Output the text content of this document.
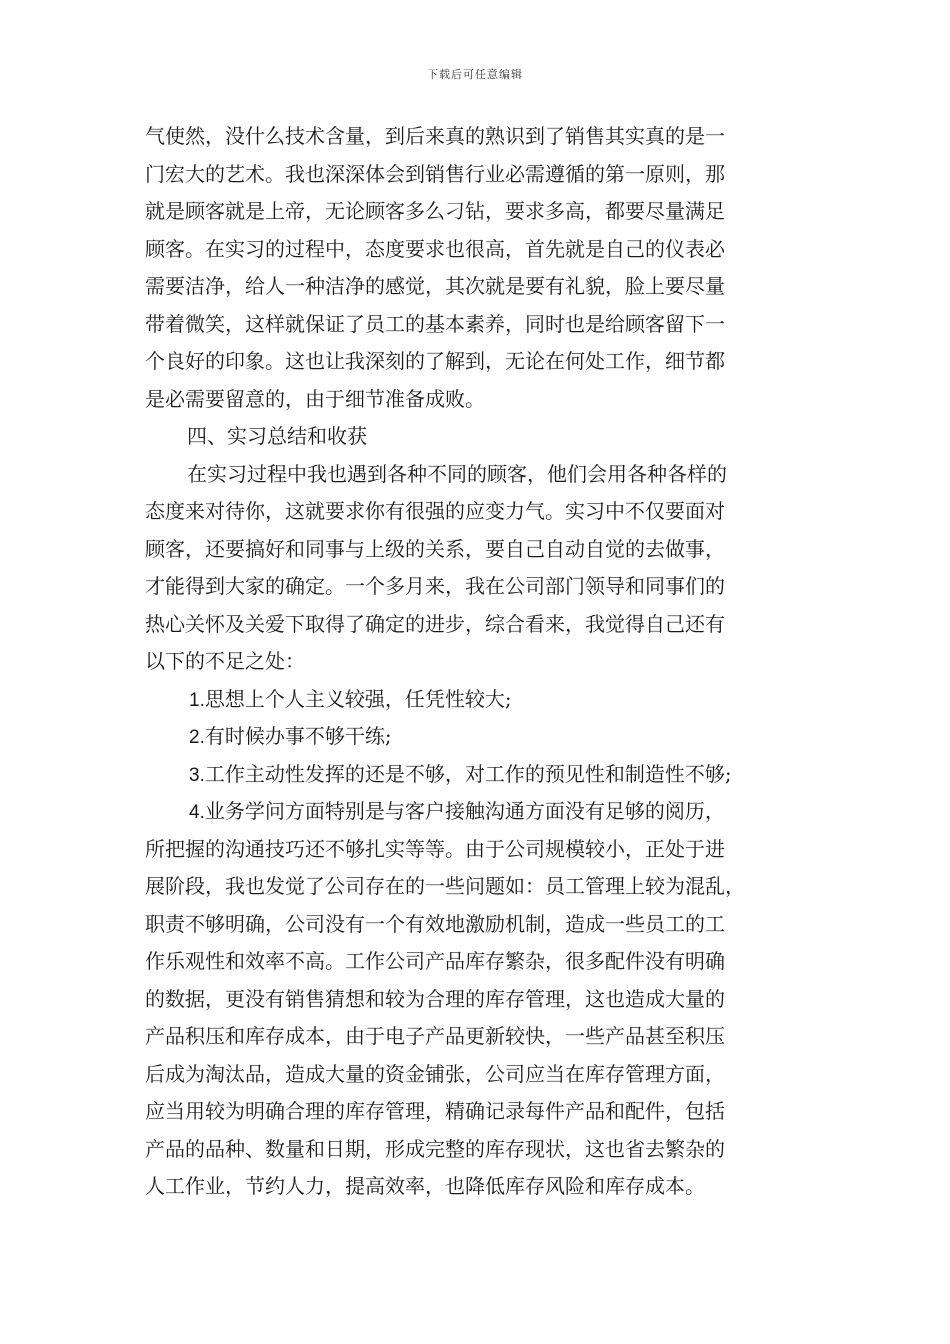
下载后可任意编辑
气使然，没什么技术含量，到后来真的熟识到了销售其实真的是一
门宏大的艺术。我也深深体会到销售行业必需遵循的第一原则，那
就是顾客就是上帝，无论顾客多么刁钻，要求多高，都要尽量满足
顾客。在实习的过程中，态度要求也很高，首先就是自己的仪表必
需要洁净，给人一种洁净的感觉，其次就是要有礼貌，脸上要尽量
带着微笑，这样就保证了员工的基本素养，同时也是给顾客留下一
个良好的印象。这也让我深刻的了解到，无论在何处工作，细节都
是必需要留意的，由于细节准备成败。
四、实习总结和收获
在实习过程中我也遇到各种不同的顾客，他们会用各种各样的
态度来对待你，这就要求你有很强的应变力气。实习中不仅要面对
顾客，还要搞好和同事与上级的关系，要自己自动自觉的去做事，
才能得到大家的确定。一个多月来，我在公司部门领导和同事们的
热心关怀及关爱下取得了确定的进步，综合看来，我觉得自己还有
以下的不足之处：
1.思想上个人主义较强，任凭性较大;
2.有时候办事不够干练;
3.工作主动性发挥的还是不够，对工作的预见性和制造性不够;
4.业务学问方面特别是与客户接触沟通方面没有足够的阅历，
所把握的沟通技巧还不够扎实等等。由于公司规模较小，正处于进
展阶段，我也发觉了公司存在的一些问题如：员工管理上较为混乱，
职责不够明确，公司没有一个有效地激励机制，造成一些员工的工
作乐观性和效率不高。工作公司产品库存繁杂，很多配件没有明确
的数据，更没有销售猜想和较为合理的库存管理，这也造成大量的
产品积压和库存成本，由于电子产品更新较快，一些产品甚至积压
后成为淘汰品，造成大量的资金铺张，公司应当在库存管理方面，
应当用较为明确合理的库存管理，精确记录每件产品和配件，包括
产品的品种、数量和日期，形成完整的库存现状，这也省去繁杂的
人工作业，节约人力，提高效率，也降低库存风险和库存成本。
